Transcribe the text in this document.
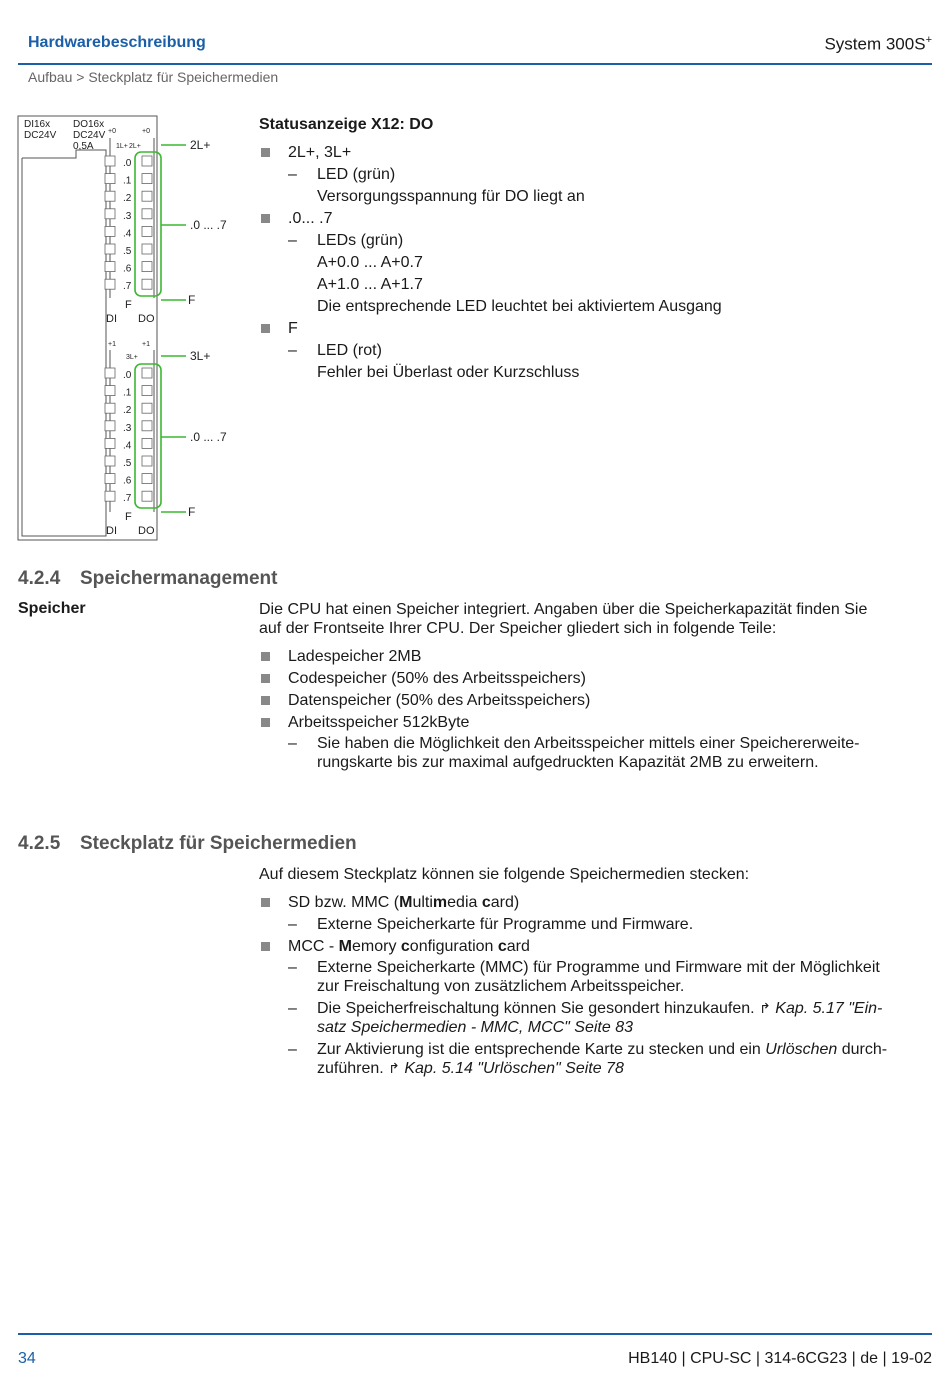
Hardwarebeschreibung	System 300S+
Aufbau > Steckplatz für Speichermedien
DI16x
DC24V
DO16x
DC24V
0,5A
+0	+0
1L+ 2L+
+1	+1
3L+
.0
.1
.2
.3
.4
.5
.6
.7
.0
.1
.2
.3
.4
.5
.6
.7
F
DI DO
F
DI DO
2L+
.0 ... .7
F
3L+
.0 ... .7
F
Statusanzeige X12: DO
2L+, 3L+
– LED (grün)
Versorgungsspannung für DO liegt an
.0... .7
– LEDs (grün)
A+0.0 ... A+0.7
A+1.0 ... A+1.7
Die entsprechende LED leuchtet bei aktiviertem Ausgang
F
– LED (rot)
Fehler bei Überlast oder Kurzschluss
4.2.4 Speichermanagement
Speicher	Die CPU hat einen Speicher integriert. Angaben über die Speicherkapazität finden Sie
auf der Frontseite Ihrer CPU. Der Speicher gliedert sich in folgende Teile:
Ladespeicher 2MB
Codespeicher (50% des Arbeitsspeichers)
Datenspeicher (50% des Arbeitsspeichers)
Arbeitsspeicher 512kByte
– Sie haben die Möglichkeit den Arbeitsspeicher mittels einer Speichererweite-
rungskarte bis zur maximal aufgedruckten Kapazität 2MB zu erweitern.
4.2.5 Steckplatz für Speichermedien
Auf diesem Steckplatz können sie folgende Speichermedien stecken:
SD bzw. MMC (Multimedia card)
– Externe Speicherkarte für Programme und Firmware.
MCC - Memory configuration card
– Externe Speicherkarte (MMC) für Programme und Firmware mit der Möglichkeit
zur Freischaltung von zusätzlichem Arbeitsspeicher.
– Die Speicherfreischaltung können Sie gesondert hinzukaufen. ↱ Kap. 5.17 "Ein-
satz Speichermedien - MMC, MCC" Seite 83
– Zur Aktivierung ist die entsprechende Karte zu stecken und ein Urlöschen durch-
zuführen. ↱ Kap. 5.14 "Urlöschen" Seite 78
34	HB140 | CPU-SC | 314-6CG23 | de | 19-02
